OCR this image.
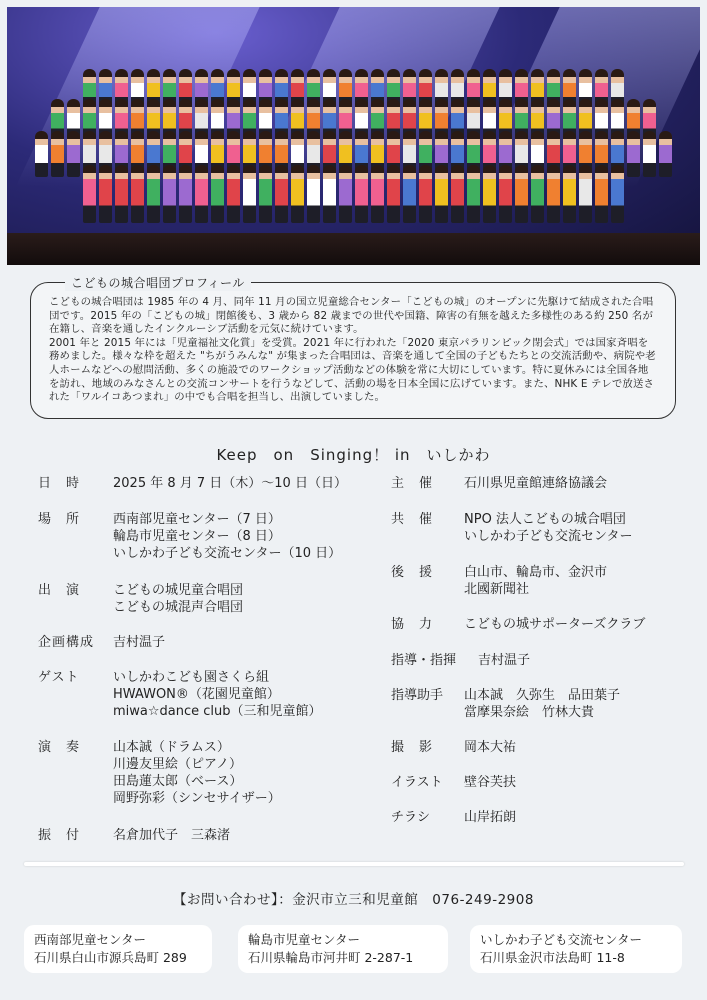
こどもの城合唱団プロフィール

こどもの城合唱団は 1985 年の 4 月、同年 11 月の国立児童総合センター「こどもの城」のオープンに先駆けて結成された合唱団です。2015 年の「こどもの城」閉館後も、3 歳から 82 歳までの世代や国籍、障害の有無を越えた多様性のある約 250 名が在籍し、音楽を通したインクルーシブ活動を元気に続けています。

2001 年と 2015 年には「児童福祉文化賞」を受賞。2021 年に行われた「2020 東京パラリンピック閉会式」では国家斉唱を務めました。様々な枠を超えた "ちがうみんな" が集まった合唱団は、音楽を通して全国の子どもたちとの交流活動や、病院や老人ホームなどへの慰問活動、多くの施設でのワークショップ活動などの体験を常に大切にしています。特に夏休みには全国各地を訪れ、地域のみなさんとの交流コンサートを行うなどして、活動の場を日本全国に広げています。また、NHK E テレで放送された「ワルイコあつまれ」の中でも合唱を担当し、出演していました。

Keep　on　Singing！ in　いしかわ
日　時	2025 年 8 月 7 日（木）〜10 日（日）
場　所	西南部児童センター（7 日）
輪島市児童センター（8 日）
いしかわ子ども交流センター（10 日）
出　演	こどもの城児童合唱団
こどもの城混声合唱団
企画構成 吉村温子
ゲスト	いしかわこども園さくら組
HWAWON®（花園児童館）
miwa☆dance club（三和児童館）
演　奏	山本誠（ドラムス）
川邊友里絵（ピアノ）
田島蓮太郎（ベース）
岡野弥彩（シンセサイザー）
振　付	名倉加代子　三森渚
主　催 石川県児童館連絡協議会
共　催 NPO 法人こどもの城合唱団
いしかわ子ども交流センター
後　援 白山市、輪島市、金沢市
北國新聞社
協　力 こどもの城サポーターズクラブ
指導・指揮 吉村温子
指導助手 山本誠　久弥生　品田葉子
當摩果奈絵　竹林大貴
撮　影 岡本大祐
イラスト 壁谷芙扶
チラシ	山岸拓朗
【お問い合わせ】：金沢市立三和児童館　076-249-2908
西南部児童センター
石川県白山市源兵島町 289
輪島市児童センター
石川県輪島市河井町 2-287-1
いしかわ子ども交流センター
石川県金沢市法島町 11-8
